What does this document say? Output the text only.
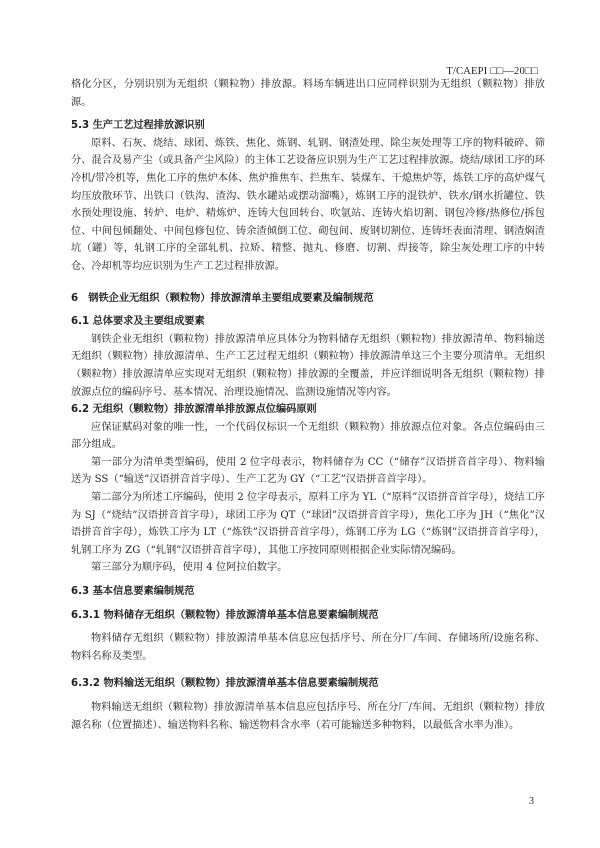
T/CAEPI □□—20□□

格化分区，分别识别为无组织（颗粒物）排放源。料场车辆进出口应同样识别为无组织（颗粒物）排放源。

5.3 生产工艺过程排放源识别

原料、石灰、烧结、球团、炼铁、焦化、炼钢、轧钢、钢渣处理、除尘灰处理等工序的物料破碎、筛分、混合及易产尘（或具备产尘风险）的主体工艺设备应识别为生产工艺过程排放源。烧结/球团工序的环冷机/带冷机等，焦化工序的焦炉本体、焦炉推焦车、拦焦车、装煤车、干熄焦炉等，炼铁工序的高炉煤气均压放散环节、出铁口（铁沟、渣沟、铁水罐站或摆动溜嘴），炼钢工序的混铁炉、铁水/钢水折罐位、铁水预处理设施、转炉、电炉、精炼炉、连铸大包回转台、吹氩站、连铸火焰切割、钢包冷修/热修位/拆包位、中间包倾翻处、中间包修包位、铸余渣倾倒工位、砌包间、废钢切割位、连铸坯表面清理、钢渣焖渣坑（罐）等，轧钢工序的全部轧机、拉矫、精整、抛丸、修磨、切割、焊接等，除尘灰处理工序的中转仓、冷却机等均应识别为生产工艺过程排放源。

6　钢铁企业无组织（颗粒物）排放源清单主要组成要素及编制规范

6.1 总体要求及主要组成要素

钢铁企业无组织（颗粒物）排放源清单应具体分为物料储存无组织（颗粒物）排放源清单、物料输送无组织（颗粒物）排放源清单、生产工艺过程无组织（颗粒物）排放源清单这三个主要分项清单。无组织（颗粒物）排放源清单应实现对无组织（颗粒物）排放源的全覆盖，并应详细说明各无组织（颗粒物）排放源点位的编码序号、基本情况、治理设施情况、监测设施情况等内容。

6.2 无组织（颗粒物）排放源清单排放源点位编码原则

应保证赋码对象的唯一性，一个代码仅标识一个无组织（颗粒物）排放源点位对象。各点位编码由三部分组成。

第一部分为清单类型编码，使用 2 位字母表示，物料储存为 CC（“储存”汉语拼音首字母）、物料输送为 SS（“输送”汉语拼音首字母）、生产工艺为 GY（“工艺”汉语拼音首字母）。

第二部分为所述工序编码，使用 2 位字母表示，原料工序为 YL（“原料”汉语拼音首字母），烧结工序为 SJ（“烧结”汉语拼音首字母），球团工序为 QT（“球团”汉语拼音首字母），焦化工序为 JH（“焦化”汉语拼音首字母），炼铁工序为 LT（“炼铁”汉语拼音首字母），炼钢工序为 LG（“炼钢”汉语拼音首字母），轧钢工序为 ZG（“轧钢”汉语拼音首字母），其他工序按同原则根据企业实际情况编码。

第三部分为顺序码，使用 4 位阿拉伯数字。

6.3 基本信息要素编制规范

6.3.1 物料储存无组织（颗粒物）排放源清单基本信息要素编制规范

物料储存无组织（颗粒物）排放源清单基本信息应包括序号、所在分厂/车间、存储场所/设施名称、物料名称及类型。

6.3.2 物料输送无组织（颗粒物）排放源清单基本信息要素编制规范

物料输送无组织（颗粒物）排放源清单基本信息应包括序号、所在分厂/车间、无组织（颗粒物）排放源名称（位置描述）、输送物料名称、输送物料含水率（若可能输送多种物料，以最低含水率为准）。

3
